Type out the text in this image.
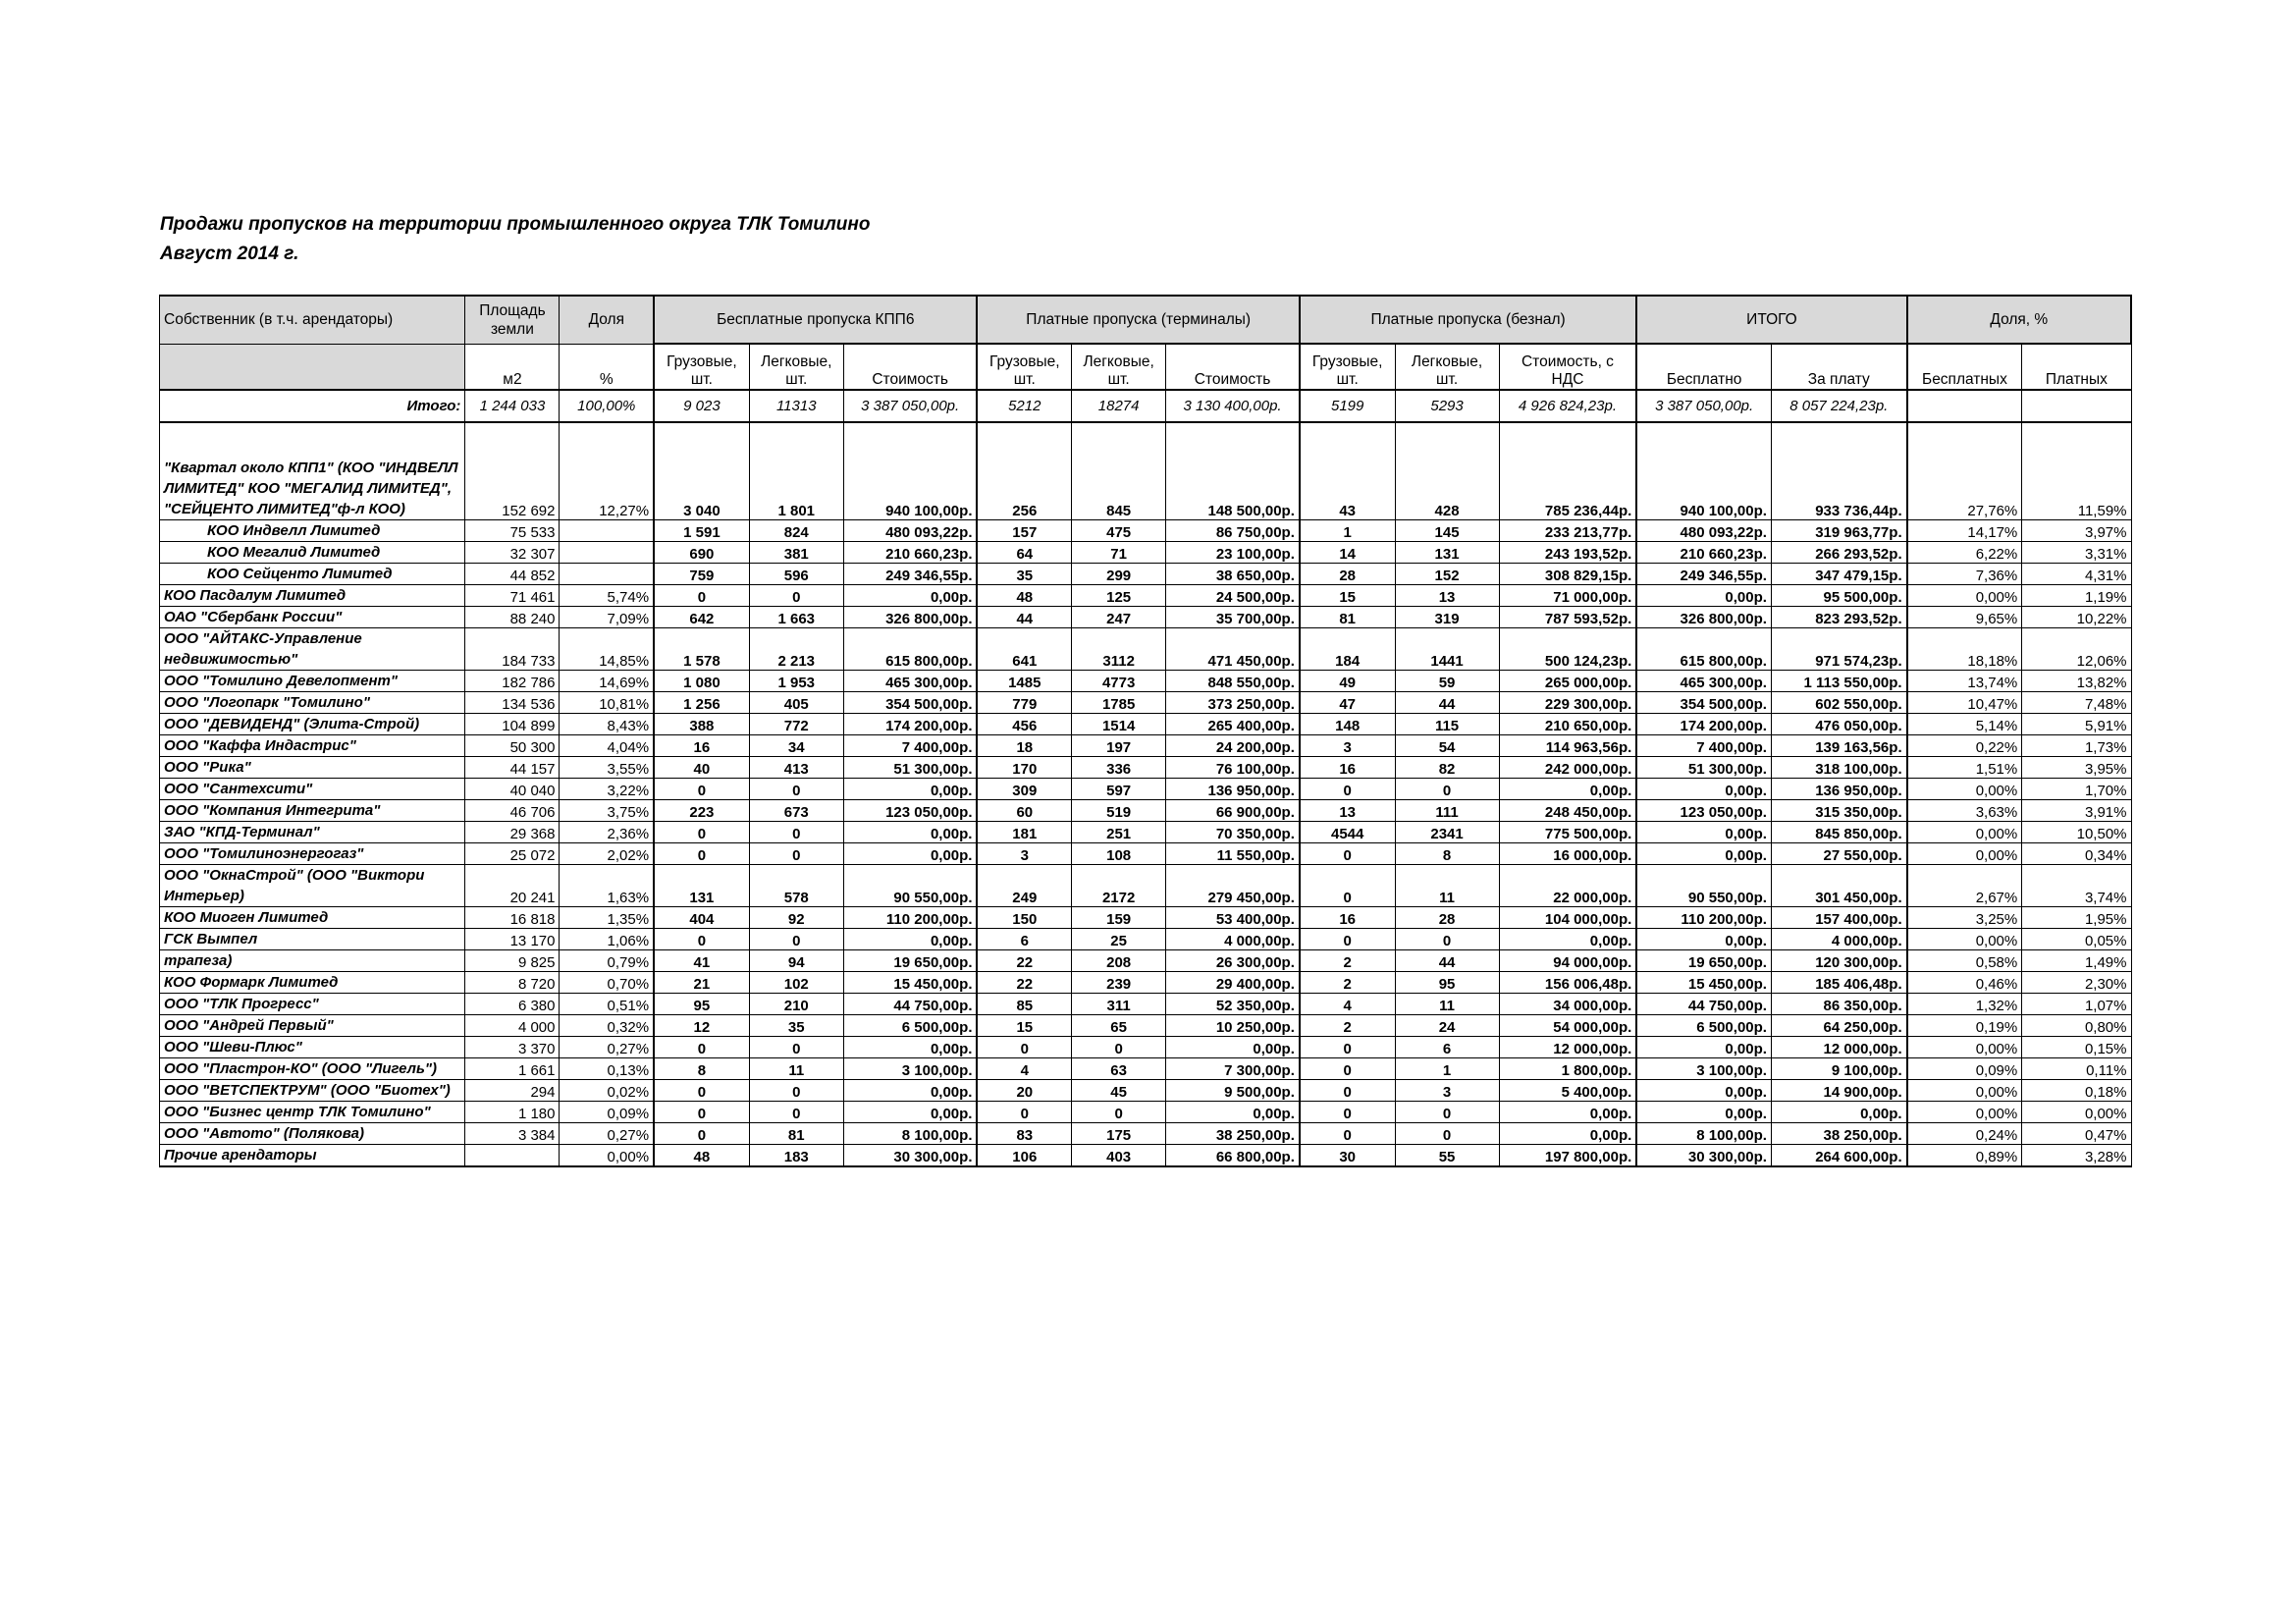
Продажи пропусков на территории промышленного округа ТЛК Томилино
Август 2014 г.
Собственник (в т.ч. арендаторы)	Площадь земли	Доля	Бесплатные пропуска КПП6			Платные пропуска (терминалы)			Платные пропуска (безнал)			ИТОГО		Доля, %	
	м2	%	Грузовые, шт.	Легковые, шт.	Стоимость	Грузовые, шт.	Легковые, шт.	Стоимость	Грузовые, шт.	Легковые, шт.	Стоимость, с НДС	Бесплатно	За плату	Бесплатных	Платных
Итого:	1 244 033	100,00%	9 023	11313	3 387 050,00р.	5212	18274	3 130 400,00р.	5199	5293	4 926 824,23р.	3 387 050,00р.	8 057 224,23р.		
"Квартал около КПП1" (КОО "ИНДВЕЛЛ ЛИМИТЕД" КОО "МЕГАЛИД ЛИМИТЕД", "СЕЙЦЕНТО ЛИМИТЕД"ф-л КОО)	152 692	12,27%	3 040	1 801	940 100,00р.	256	845	148 500,00р.	43	428	785 236,44р.	940 100,00р.	933 736,44р.	27,76%	11,59%
КОО Индвелл Лимитед	75 533		1 591	824	480 093,22р.	157	475	86 750,00р.	1	145	233 213,77р.	480 093,22р.	319 963,77р.	14,17%	3,97%
КОО Мегалид Лимитед	32 307		690	381	210 660,23р.	64	71	23 100,00р.	14	131	243 193,52р.	210 660,23р.	266 293,52р.	6,22%	3,31%
КОО Сейценто Лимитед	44 852		759	596	249 346,55р.	35	299	38 650,00р.	28	152	308 829,15р.	249 346,55р.	347 479,15р.	7,36%	4,31%
КОО Пасдалум Лимитед	71 461	5,74%	0	0	0,00р.	48	125	24 500,00р.	15	13	71 000,00р.	0,00р.	95 500,00р.	0,00%	1,19%
ОАО "Сбербанк России"	88 240	7,09%	642	1 663	326 800,00р.	44	247	35 700,00р.	81	319	787 593,52р.	326 800,00р.	823 293,52р.	9,65%	10,22%
ООО "АЙТАКС-Управление недвижимостью"	184 733	14,85%	1 578	2 213	615 800,00р.	641	3112	471 450,00р.	184	1441	500 124,23р.	615 800,00р.	971 574,23р.	18,18%	12,06%
ООО "Томилино Девелопмент"	182 786	14,69%	1 080	1 953	465 300,00р.	1485	4773	848 550,00р.	49	59	265 000,00р.	465 300,00р.	1 113 550,00р.	13,74%	13,82%
ООО "Логопарк "Томилино"	134 536	10,81%	1 256	405	354 500,00р.	779	1785	373 250,00р.	47	44	229 300,00р.	354 500,00р.	602 550,00р.	10,47%	7,48%
ООО "ДЕВИДЕНД" (Элита-Строй)	104 899	8,43%	388	772	174 200,00р.	456	1514	265 400,00р.	148	115	210 650,00р.	174 200,00р.	476 050,00р.	5,14%	5,91%
ООО "Каффа Индастрис"	50 300	4,04%	16	34	7 400,00р.	18	197	24 200,00р.	3	54	114 963,56р.	7 400,00р.	139 163,56р.	0,22%	1,73%
ООО "Рика"	44 157	3,55%	40	413	51 300,00р.	170	336	76 100,00р.	16	82	242 000,00р.	51 300,00р.	318 100,00р.	1,51%	3,95%
ООО "Сантехсити"	40 040	3,22%	0	0	0,00р.	309	597	136 950,00р.	0	0	0,00р.	0,00р.	136 950,00р.	0,00%	1,70%
ООО "Компания Интегрита"	46 706	3,75%	223	673	123 050,00р.	60	519	66 900,00р.	13	111	248 450,00р.	123 050,00р.	315 350,00р.	3,63%	3,91%
ЗАО "КПД-Терминал"	29 368	2,36%	0	0	0,00р.	181	251	70 350,00р.	4544	2341	775 500,00р.	0,00р.	845 850,00р.	0,00%	10,50%
ООО "Томилиноэнергогаз"	25 072	2,02%	0	0	0,00р.	3	108	11 550,00р.	0	8	16 000,00р.	0,00р.	27 550,00р.	0,00%	0,34%
ООО "ОкнаСтрой" (ООО "Виктори Интерьер)	20 241	1,63%	131	578	90 550,00р.	249	2172	279 450,00р.	0	11	22 000,00р.	90 550,00р.	301 450,00р.	2,67%	3,74%
КОО Миоген Лимитед	16 818	1,35%	404	92	110 200,00р.	150	159	53 400,00р.	16	28	104 000,00р.	110 200,00р.	157 400,00р.	3,25%	1,95%
ГСК Вымпел	13 170	1,06%	0	0	0,00р.	6	25	4 000,00р.	0	0	0,00р.	0,00р.	4 000,00р.	0,00%	0,05%
трапеза)	9 825	0,79%	41	94	19 650,00р.	22	208	26 300,00р.	2	44	94 000,00р.	19 650,00р.	120 300,00р.	0,58%	1,49%
КОО Формарк Лимитед	8 720	0,70%	21	102	15 450,00р.	22	239	29 400,00р.	2	95	156 006,48р.	15 450,00р.	185 406,48р.	0,46%	2,30%
ООО "ТЛК Прогресс"	6 380	0,51%	95	210	44 750,00р.	85	311	52 350,00р.	4	11	34 000,00р.	44 750,00р.	86 350,00р.	1,32%	1,07%
ООО "Андрей Первый"	4 000	0,32%	12	35	6 500,00р.	15	65	10 250,00р.	2	24	54 000,00р.	6 500,00р.	64 250,00р.	0,19%	0,80%
ООО "Шеви-Плюс"	3 370	0,27%	0	0	0,00р.	0	0	0,00р.	0	6	12 000,00р.	0,00р.	12 000,00р.	0,00%	0,15%
ООО "Пластрон-КО" (ООО "Лигель")	1 661	0,13%	8	11	3 100,00р.	4	63	7 300,00р.	0	1	1 800,00р.	3 100,00р.	9 100,00р.	0,09%	0,11%
ООО "ВЕТСПЕКТРУМ" (ООО "Биотех")	294	0,02%	0	0	0,00р.	20	45	9 500,00р.	0	3	5 400,00р.	0,00р.	14 900,00р.	0,00%	0,18%
ООО "Бизнес центр ТЛК Томилино"	1 180	0,09%	0	0	0,00р.	0	0	0,00р.	0	0	0,00р.	0,00р.	0,00р.	0,00%	0,00%
ООО "Автото" (Полякова)	3 384	0,27%	0	81	8 100,00р.	83	175	38 250,00р.	0	0	0,00р.	8 100,00р.	38 250,00р.	0,24%	0,47%
Прочие арендаторы		0,00%	48	183	30 300,00р.	106	403	66 800,00р.	30	55	197 800,00р.	30 300,00р.	264 600,00р.	0,89%	3,28%
